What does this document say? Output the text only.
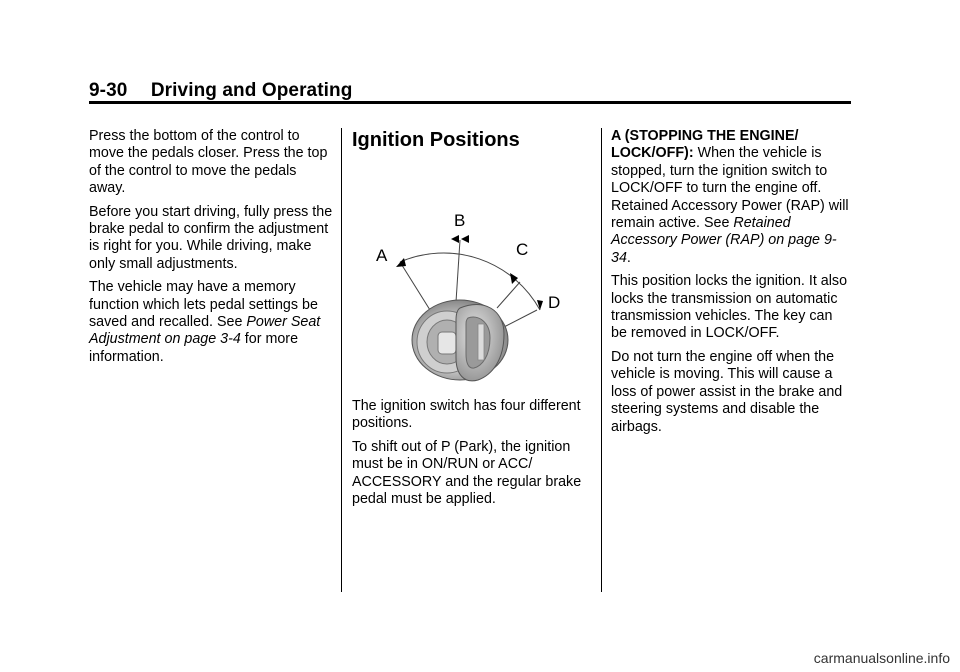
9-30 Driving and Operating

Press the bottom of the control to move the pedals closer. Press the top of the control to move the pedals away.

Before you start driving, fully press the brake pedal to confirm the adjustment is right for you. While driving, make only small adjustments.

The vehicle may have a memory function which lets pedal settings be saved and recalled. See Power Seat Adjustment on page 3-4 for more information.

Ignition Positions
A
B
C
D

The ignition switch has four different positions.

To shift out of P (Park), the ignition must be in ON/RUN or ACC/ ACCESSORY and the regular brake pedal must be applied.

A (STOPPING THE ENGINE/ LOCK/OFF): When the vehicle is stopped, turn the ignition switch to LOCK/OFF to turn the engine off. Retained Accessory Power (RAP) will remain active. See Retained Accessory Power (RAP) on page 9-34.

This position locks the ignition. It also locks the transmission on automatic transmission vehicles. The key can be removed in LOCK/OFF.

Do not turn the engine off when the vehicle is moving. This will cause a loss of power assist in the brake and steering systems and disable the airbags.

carmanualsonline.info
